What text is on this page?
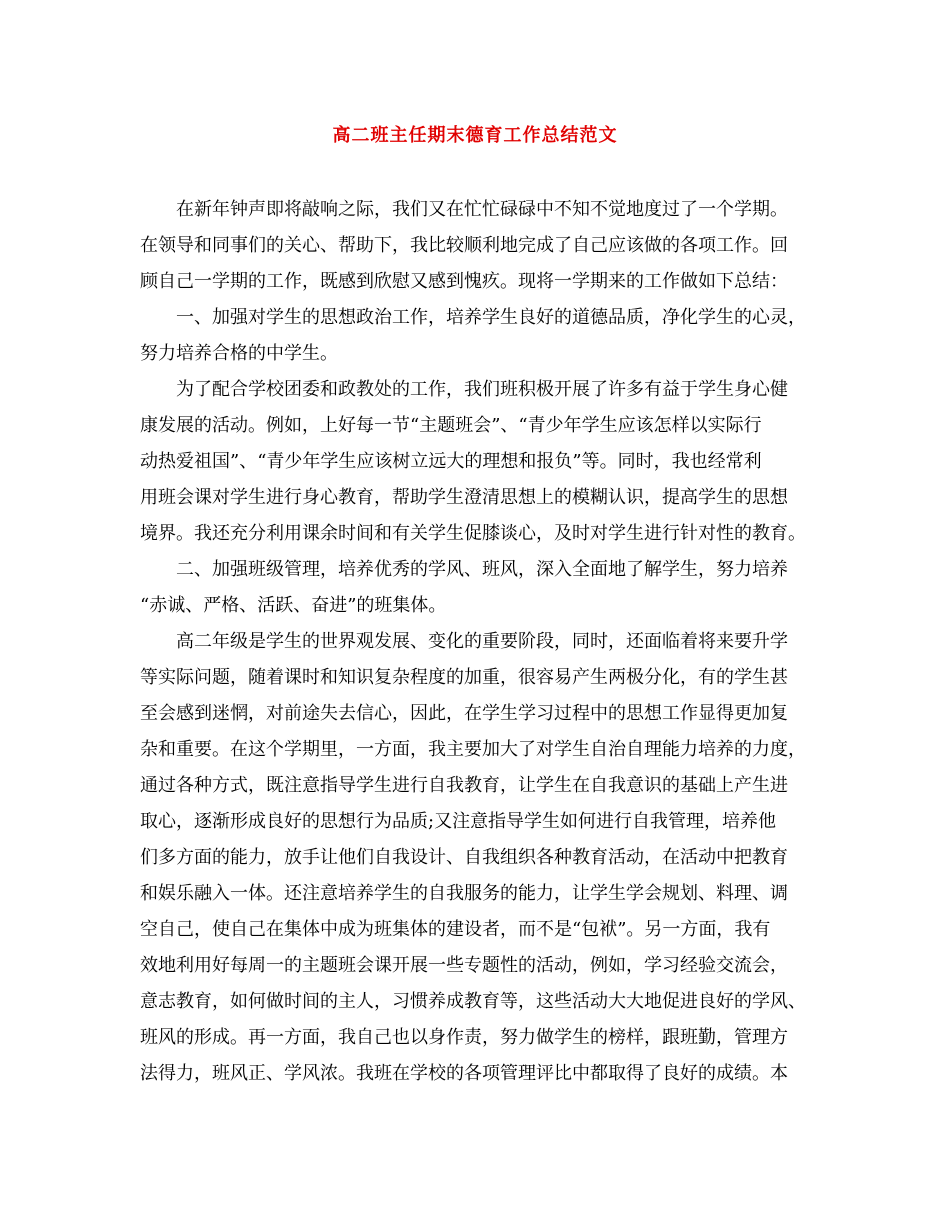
高二班主任期末德育工作总结范文
在新年钟声即将敲响之际，我们又在忙忙碌碌中不知不觉地度过了一个学期。
在领导和同事们的关心、帮助下，我比较顺利地完成了自己应该做的各项工作。回
顾自己一学期的工作，既感到欣慰又感到愧疚。现将一学期来的工作做如下总结：
一、加强对学生的思想政治工作，培养学生良好的道德品质，净化学生的心灵，
努力培养合格的中学生。
为了配合学校团委和政教处的工作，我们班积极开展了许多有益于学生身心健
康发展的活动。例如，上好每一节“主题班会”、“青少年学生应该怎样以实际行
动热爱祖国”、“青少年学生应该树立远大的理想和报负”等。同时，我也经常利
用班会课对学生进行身心教育，帮助学生澄清思想上的模糊认识，提高学生的思想
境界。我还充分利用课余时间和有关学生促膝谈心，及时对学生进行针对性的教育。
二、加强班级管理，培养优秀的学风、班风，深入全面地了解学生，努力培养
“赤诚、严格、活跃、奋进”的班集体。
高二年级是学生的世界观发展、变化的重要阶段，同时，还面临着将来要升学
等实际问题，随着课时和知识复杂程度的加重，很容易产生两极分化，有的学生甚
至会感到迷惘，对前途失去信心，因此，在学生学习过程中的思想工作显得更加复
杂和重要。在这个学期里，一方面，我主要加大了对学生自治自理能力培养的力度，
通过各种方式，既注意指导学生进行自我教育，让学生在自我意识的基础上产生进
取心，逐渐形成良好的思想行为品质;又注意指导学生如何进行自我管理，培养他
们多方面的能力，放手让他们自我设计、自我组织各种教育活动，在活动中把教育
和娱乐融入一体。还注意培养学生的自我服务的能力，让学生学会规划、料理、调
空自己，使自己在集体中成为班集体的建设者，而不是“包袱”。另一方面，我有
效地利用好每周一的主题班会课开展一些专题性的活动，例如，学习经验交流会，
意志教育，如何做时间的主人，习惯养成教育等，这些活动大大地促进良好的学风、
班风的形成。再一方面，我自己也以身作责，努力做学生的榜样，跟班勤，管理方
法得力，班风正、学风浓。我班在学校的各项管理评比中都取得了良好的成绩。本
